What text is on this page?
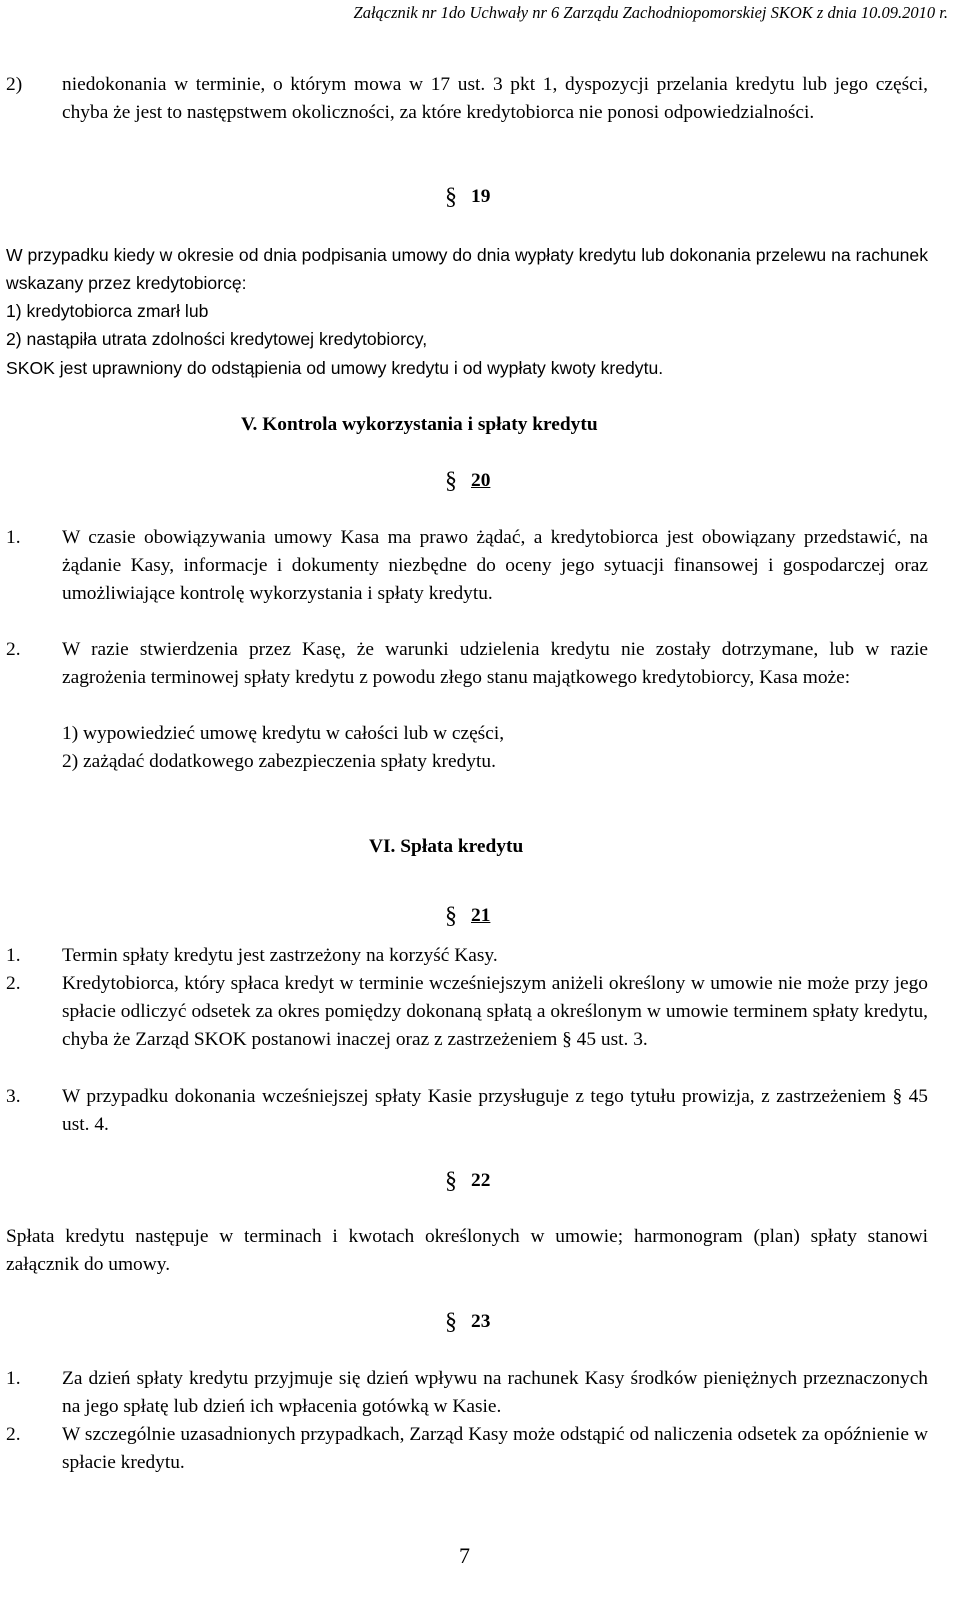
Załącznik nr 1do Uchwały nr 6 Zarządu Zachodniopomorskiej SKOK z dnia 10.09.2010 r.
2) niedokonania w terminie, o którym mowa w 17 ust. 3 pkt 1, dyspozycji przelania kredytu lub jego części, chyba że jest to następstwem okoliczności, za które kredytobiorca nie ponosi odpowiedzialności.
§ 19
W przypadku kiedy w okresie od dnia podpisania umowy do dnia wypłaty kredytu lub dokonania przelewu na rachunek wskazany przez kredytobiorcę:
1) kredytobiorca zmarł lub
2) nastąpiła utrata zdolności kredytowej kredytobiorcy,
SKOK jest uprawniony do odstąpienia od umowy kredytu i od wypłaty kwoty kredytu.
V. Kontrola wykorzystania i spłaty kredytu
§ 20
1. W czasie obowiązywania umowy Kasa ma prawo żądać, a kredytobiorca jest obowiązany przedstawić, na żądanie Kasy, informacje i dokumenty niezbędne do oceny jego sytuacji finansowej i gospodarczej oraz umożliwiające kontrolę wykorzystania i spłaty kredytu.
2. W razie stwierdzenia przez Kasę, że warunki udzielenia kredytu nie zostały dotrzymane, lub w razie zagrożenia terminowej spłaty kredytu z powodu złego stanu majątkowego kredytobiorcy, Kasa może:
1) wypowiedzieć umowę kredytu w całości lub w części,
2) zażądać dodatkowego zabezpieczenia spłaty kredytu.
VI. Spłata kredytu
§ 21
1. Termin spłaty kredytu jest zastrzeżony na korzyść Kasy.
2. Kredytobiorca, który spłaca kredyt w terminie wcześniejszym aniżeli określony w umowie nie może przy jego spłacie odliczyć odsetek za okres pomiędzy dokonaną spłatą a określonym w umowie terminem spłaty kredytu, chyba że Zarząd SKOK postanowi inaczej oraz z zastrzeżeniem § 45 ust. 3.
3. W przypadku dokonania wcześniejszej spłaty Kasie przysługuje z tego tytułu prowizja, z zastrzeżeniem § 45 ust. 4.
§ 22
Spłata kredytu następuje w terminach i kwotach określonych w umowie; harmonogram (plan) spłaty stanowi załącznik do umowy.
§ 23
1. Za dzień spłaty kredytu przyjmuje się dzień wpływu na rachunek Kasy środków pieniężnych przeznaczonych na jego spłatę lub dzień ich wpłacenia gotówką w Kasie.
2. W szczególnie uzasadnionych przypadkach, Zarząd Kasy może odstąpić od naliczenia odsetek za opóźnienie w spłacie kredytu.
7
